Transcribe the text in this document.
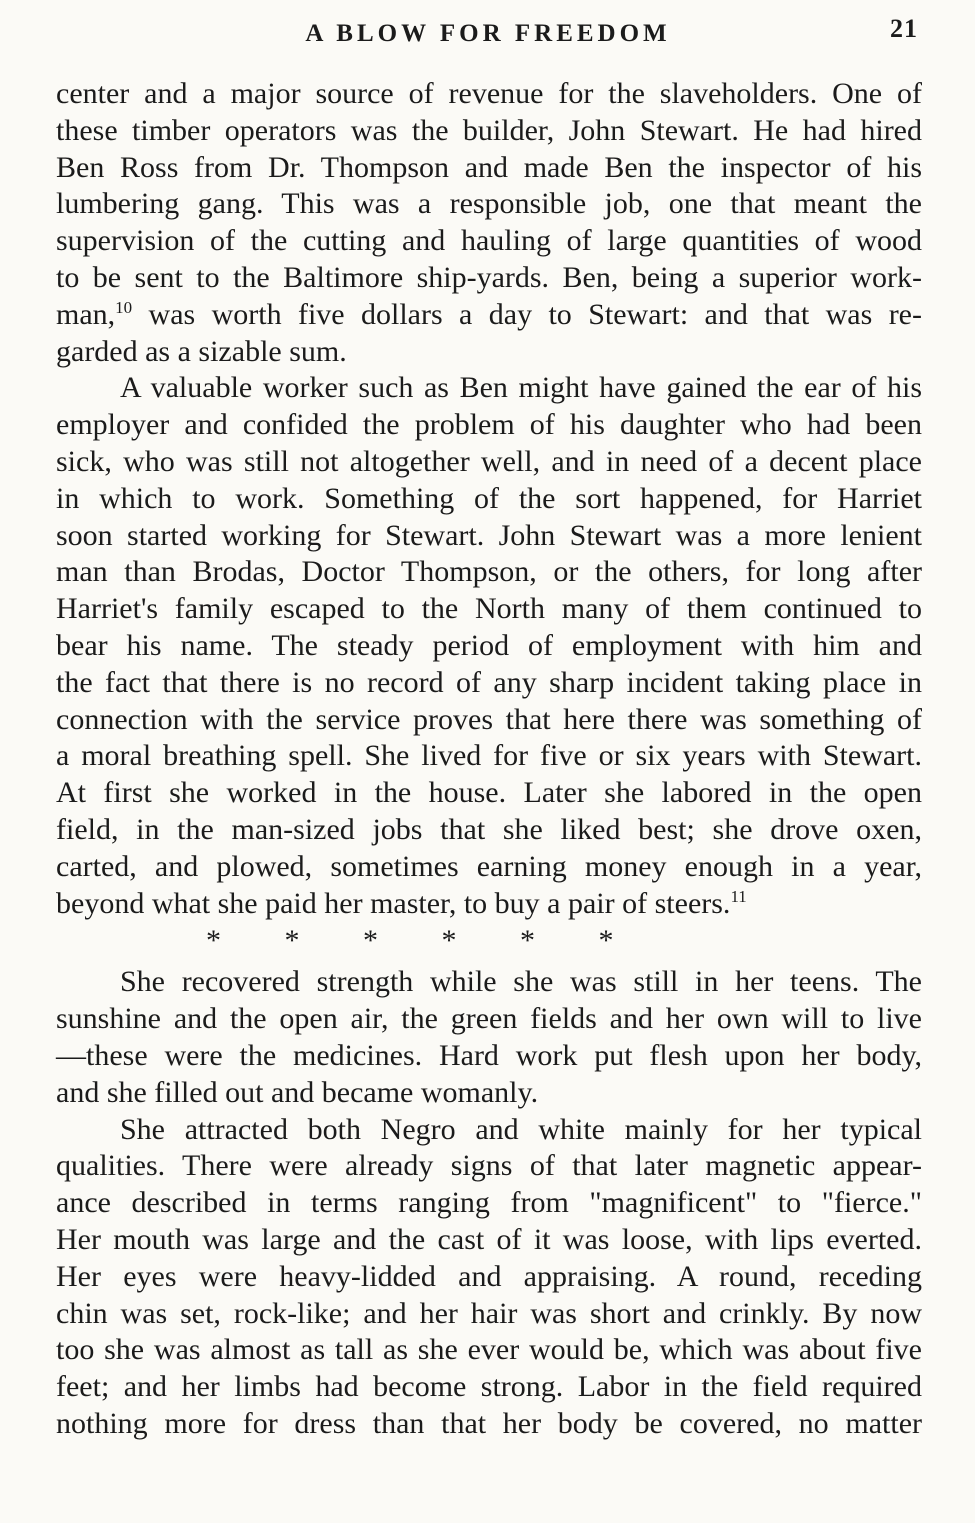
A BLOW FOR FREEDOM	21
center and a major source of revenue for the slaveholders. One of
these timber operators was the builder, John Stewart. He had hired
Ben Ross from Dr. Thompson and made Ben the inspector of his
lumbering gang. This was a responsible job, one that meant the
supervision of the cutting and hauling of large quantities of wood
to be sent to the Baltimore ship-yards. Ben, being a superior work-
man,$^{10}$ was worth five dollars a day to Stewart: and that was re-
garded as a sizable sum.
A valuable worker such as Ben might have gained the ear of his
employer and confided the problem of his daughter who had been
sick, who was still not altogether well, and in need of a decent place
in which to work. Something of the sort happened, for Harriet
soon started working for Stewart. John Stewart was a more lenient
man than Brodas, Doctor Thompson, or the others, for long after
Harriet's family escaped to the North many of them continued to
bear his name. The steady period of employment with him and
the fact that there is no record of any sharp incident taking place in
connection with the service proves that here there was something of
a moral breathing spell. She lived for five or six years with Stewart.
At first she worked in the house. Later she labored in the open
field, in the man-sized jobs that she liked best; she drove oxen,
carted, and plowed, sometimes earning money enough in a year,
beyond what she paid her master, to buy a pair of steers.$^{11}$
* * * * * *
She recovered strength while she was still in her teens. The
sunshine and the open air, the green fields and her own will to live
—these were the medicines. Hard work put flesh upon her body,
and she filled out and became womanly.
She attracted both Negro and white mainly for her typical
qualities. There were already signs of that later magnetic appear-
ance described in terms ranging from "magnificent" to "fierce."
Her mouth was large and the cast of it was loose, with lips everted.
Her eyes were heavy-lidded and appraising. A round, receding
chin was set, rock-like; and her hair was short and crinkly. By now
too she was almost as tall as she ever would be, which was about five
feet; and her limbs had become strong. Labor in the field required
nothing more for dress than that her body be covered, no matter
